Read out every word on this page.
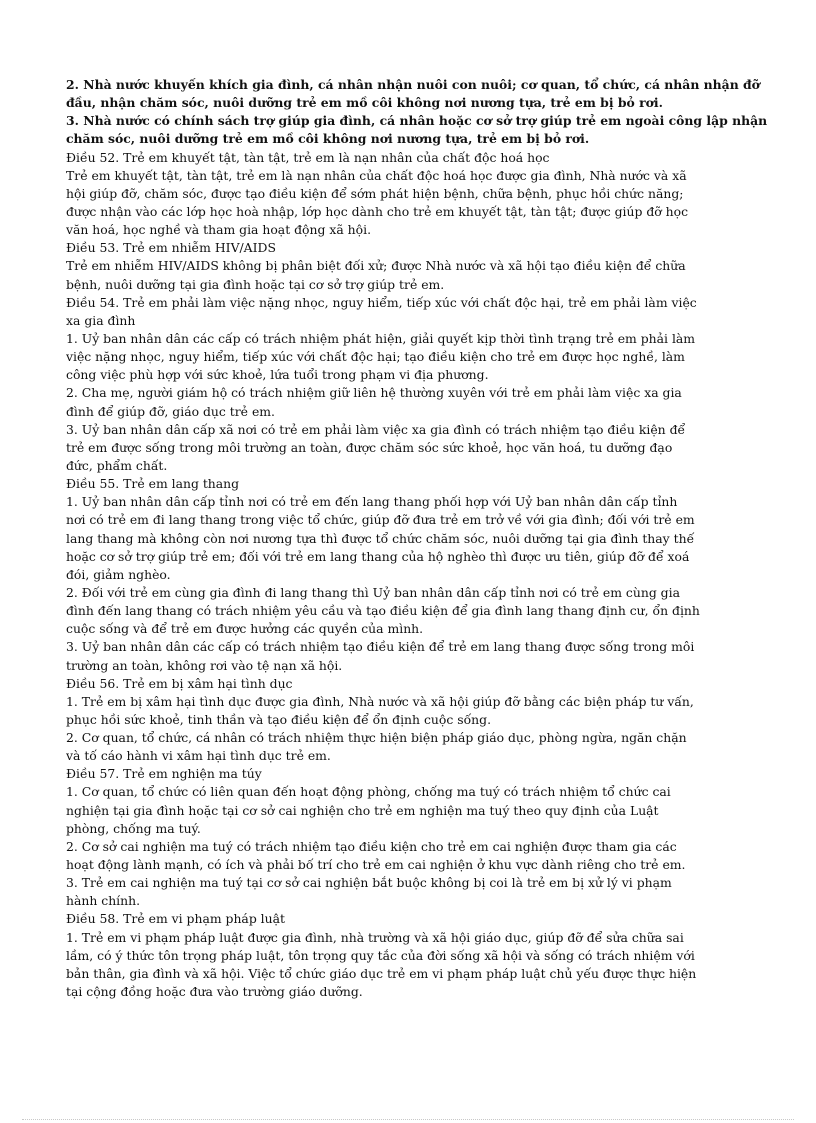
2. Nhà nước khuyến khích gia đình, cá nhân nhận nuôi con nuôi; cơ quan, tổ chức, cá nhân nhận đỡ
đầu, nhận chăm sóc, nuôi dưỡng trẻ em mồ côi không nơi nương tựa, trẻ em bị bỏ rơi.
3. Nhà nước có chính sách trợ giúp gia đình, cá nhân hoặc cơ sở trợ giúp trẻ em ngoài công lập nhận
chăm sóc, nuôi dưỡng trẻ em mồ côi không nơi nương tựa, trẻ em bị bỏ rơi.
Điều 52. Trẻ em khuyết tật, tàn tật, trẻ em là nạn nhân của chất độc hoá học
Trẻ em khuyết tật, tàn tật, trẻ em là nạn nhân của chất độc hoá học được gia đình, Nhà nước và xã
hội giúp đỡ, chăm sóc, được tạo điều kiện để sớm phát hiện bệnh, chữa bệnh, phục hồi chức năng;
được nhận vào các lớp học hoà nhập, lớp học dành cho trẻ em khuyết tật, tàn tật; được giúp đỡ học
văn hoá, học nghề và tham gia hoạt động xã hội.
Điều 53. Trẻ em nhiễm HIV/AIDS
Trẻ em nhiễm HIV/AIDS không bị phân biệt đối xử; được Nhà nước và xã hội tạo điều kiện để chữa
bệnh, nuôi dưỡng tại gia đình hoặc tại cơ sở trợ giúp trẻ em.
Điều 54. Trẻ em phải làm việc nặng nhọc, nguy hiểm, tiếp xúc với chất độc hại, trẻ em phải làm việc
xa gia đình
1. Uỷ ban nhân dân các cấp có trách nhiệm phát hiện, giải quyết kịp thời tình trạng trẻ em phải làm
việc nặng nhọc, nguy hiểm, tiếp xúc với chất độc hại; tạo điều kiện cho trẻ em được học nghề, làm
công việc phù hợp với sức khoẻ, lứa tuổi trong phạm vi địa phương.
2. Cha mẹ, người giám hộ có trách nhiệm giữ liên hệ thường xuyên với trẻ em phải làm việc xa gia
đình để giúp đỡ, giáo dục trẻ em.
3. Uỷ ban nhân dân cấp xã nơi có trẻ em phải làm việc xa gia đình có trách nhiệm tạo điều kiện để
trẻ em được sống trong môi trường an toàn, được chăm sóc sức khoẻ, học văn hoá, tu dưỡng đạo
đức, phẩm chất.
Điều 55. Trẻ em lang thang
1. Uỷ ban nhân dân cấp tỉnh nơi có trẻ em đến lang thang phối hợp với Uỷ ban nhân dân cấp tỉnh
nơi có trẻ em đi lang thang trong việc tổ chức, giúp đỡ đưa trẻ em trở về với gia đình; đối với trẻ em
lang thang mà không còn nơi nương tựa thì được tổ chức chăm sóc, nuôi dưỡng tại gia đình thay thế
hoặc cơ sở trợ giúp trẻ em; đối với trẻ em lang thang của hộ nghèo thì được ưu tiên, giúp đỡ để xoá
đói, giảm nghèo.
2. Đối với trẻ em cùng gia đình đi lang thang thì Uỷ ban nhân dân cấp tỉnh nơi có trẻ em cùng gia
đình đến lang thang có trách nhiệm yêu cầu và tạo điều kiện để gia đình lang thang định cư, ổn định
cuộc sống và để trẻ em được hưởng các quyền của mình.
3. Uỷ ban nhân dân các cấp có trách nhiệm tạo điều kiện để trẻ em lang thang được sống trong môi
trường an toàn, không rơi vào tệ nạn xã hội.
Điều 56. Trẻ em bị xâm hại tình dục
1. Trẻ em bị xâm hại tình dục được gia đình, Nhà nước và xã hội giúp đỡ bằng các biện pháp tư vấn,
phục hồi sức khoẻ, tinh thần và tạo điều kiện để ổn định cuộc sống.
2. Cơ quan, tổ chức, cá nhân có trách nhiệm thực hiện biện pháp giáo dục, phòng ngừa, ngăn chặn
và tố cáo hành vi xâm hại tình dục trẻ em.
Điều 57. Trẻ em nghiện ma túy
1. Cơ quan, tổ chức có liên quan đến hoạt động phòng, chống ma tuý có trách nhiệm tổ chức cai
nghiện tại gia đình hoặc tại cơ sở cai nghiện cho trẻ em nghiện ma tuý theo quy định của Luật
phòng, chống ma tuý.
2. Cơ sở cai nghiện ma tuý có trách nhiệm tạo điều kiện cho trẻ em cai nghiện được tham gia các
hoạt động lành mạnh, có ích và phải bố trí cho trẻ em cai nghiện ở khu vực dành riêng cho trẻ em.
3. Trẻ em cai nghiện ma tuý tại cơ sở cai nghiện bắt buộc không bị coi là trẻ em bị xử lý vi phạm
hành chính.
Điều 58. Trẻ em vi phạm pháp luật
1. Trẻ em vi phạm pháp luật được gia đình, nhà trường và xã hội giáo dục, giúp đỡ để sửa chữa sai
lầm, có ý thức tôn trọng pháp luật, tôn trọng quy tắc của đời sống xã hội và sống có trách nhiệm với
bản thân, gia đình và xã hội. Việc tổ chức giáo dục trẻ em vi phạm pháp luật chủ yếu được thực hiện
tại cộng đồng hoặc đưa vào trường giáo dưỡng.
